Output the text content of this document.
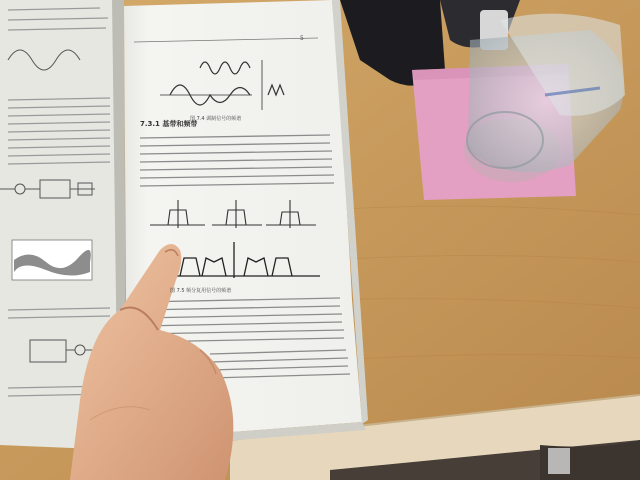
5
7.3.1 基带和频带
图 7.4 调制信号的频谱
图 7.5 频分复用信号的频谱
